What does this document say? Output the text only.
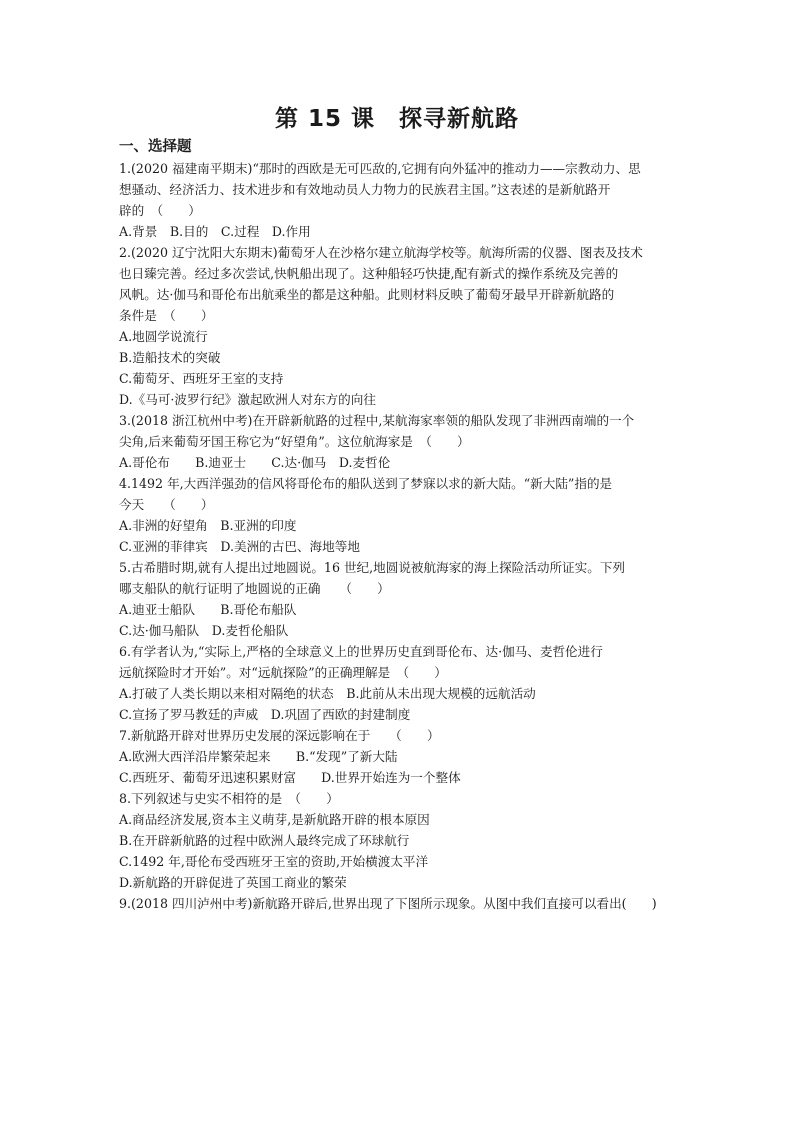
第 15 课　探寻新航路
一、选择题
1.(2020 福建南平期末)“那时的西欧是无可匹敌的,它拥有向外猛冲的推动力——宗教动力、思
想骚动、经济活力、技术进步和有效地动员人力物力的民族君主国。”这表述的是新航路开
辟的　（　　）
A.背景　B.目的　C.过程　D.作用
2.(2020 辽宁沈阳大东期末)葡萄牙人在沙格尔建立航海学校等。航海所需的仪器、图表及技术
也日臻完善。经过多次尝试,快帆船出现了。这种船轻巧快捷,配有新式的操作系统及完善的
风帆。达·伽马和哥伦布出航乘坐的都是这种船。此则材料反映了葡萄牙最早开辟新航路的
条件是　（　　）
A.地圆学说流行
B.造船技术的突破
C.葡萄牙、西班牙王室的支持
D.《马可·波罗行纪》激起欧洲人对东方的向往
3.(2018 浙江杭州中考)在开辟新航路的过程中,某航海家率领的船队发现了非洲西南端的一个
尖角,后来葡萄牙国王称它为“好望角”。这位航海家是　（　　）
A.哥伦布　　B.迪亚士　　C.达·伽马　D.麦哲伦
4.1492 年,大西洋强劲的信风将哥伦布的船队送到了梦寐以求的新大陆。“新大陆”指的是
今天　　（　　）
A.非洲的好望角　B.亚洲的印度
C.亚洲的菲律宾　D.美洲的古巴、海地等地
5.古希腊时期,就有人提出过地圆说。16 世纪,地圆说被航海家的海上探险活动所证实。下列
哪支船队的航行证明了地圆说的正确　　（　　）
A.迪亚士船队　　B.哥伦布船队
C.达·伽马船队　D.麦哲伦船队
6.有学者认为,“实际上,严格的全球意义上的世界历史直到哥伦布、达·伽马、麦哲伦进行
远航探险时才开始”。对“远航探险”的正确理解是　（　　）
A.打破了人类长期以来相对隔绝的状态　B.此前从未出现大规模的远航活动
C.宣扬了罗马教廷的声威　D.巩固了西欧的封建制度
7.新航路开辟对世界历史发展的深远影响在于　　（　　）
A.欧洲大西洋沿岸繁荣起来　　B.“发现”了新大陆
C.西班牙、葡萄牙迅速积累财富　　D.世界开始连为一个整体
8.下列叙述与史实不相符的是　（　　）
A.商品经济发展,资本主义萌芽,是新航路开辟的根本原因
B.在开辟新航路的过程中欧洲人最终完成了环球航行
C.1492 年,哥伦布受西班牙王室的资助,开始横渡太平洋
D.新航路的开辟促进了英国工商业的繁荣
9.(2018 四川泸州中考)新航路开辟后,世界出现了下图所示现象。从图中我们直接可以看出(　　)
